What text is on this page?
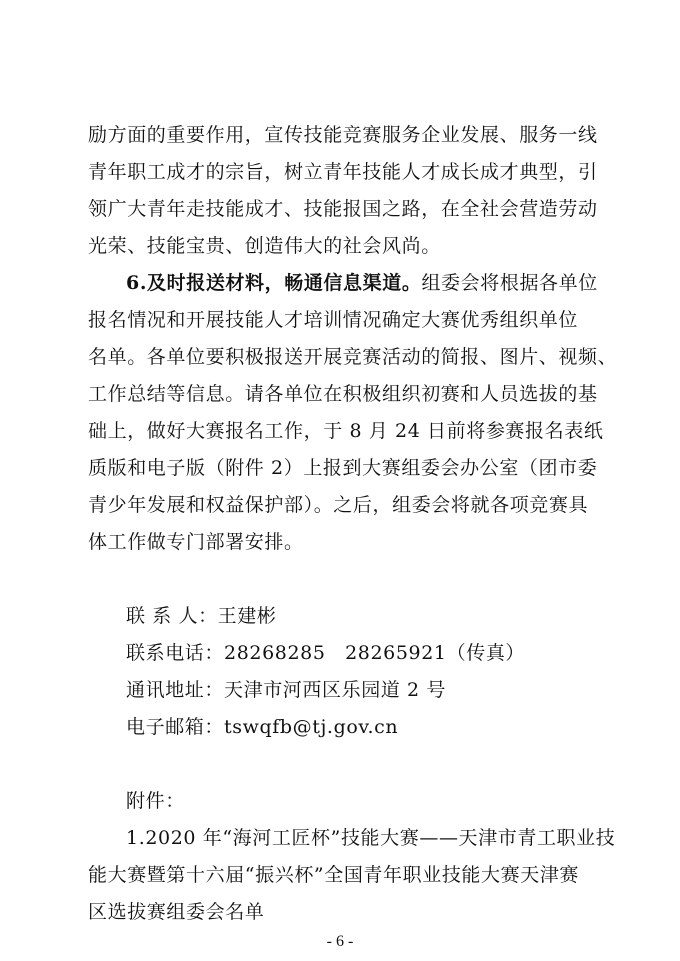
励方面的重要作用，宣传技能竞赛服务企业发展、服务一线
青年职工成才的宗旨，树立青年技能人才成长成才典型，引
领广大青年走技能成才、技能报国之路，在全社会营造劳动
光荣、技能宝贵、创造伟大的社会风尚。
6.及时报送材料，畅通信息渠道。组委会将根据各单位
报名情况和开展技能人才培训情况确定大赛优秀组织单位
名单。各单位要积极报送开展竞赛活动的简报、图片、视频、
工作总结等信息。请各单位在积极组织初赛和人员选拔的基
础上，做好大赛报名工作，于 8 月 24 日前将参赛报名表纸
质版和电子版（附件 2）上报到大赛组委会办公室（团市委
青少年发展和权益保护部）。之后，组委会将就各项竞赛具
体工作做专门部署安排。
联 系 人：王建彬
联系电话：28268285　28265921（传真）
通讯地址：天津市河西区乐园道 2 号
电子邮箱：tswqfb@tj.gov.cn
附件：
1.2020 年“海河工匠杯”技能大赛——天津市青工职业技
能大赛暨第十六届“振兴杯”全国青年职业技能大赛天津赛
区选拔赛组委会名单
- 6 -
